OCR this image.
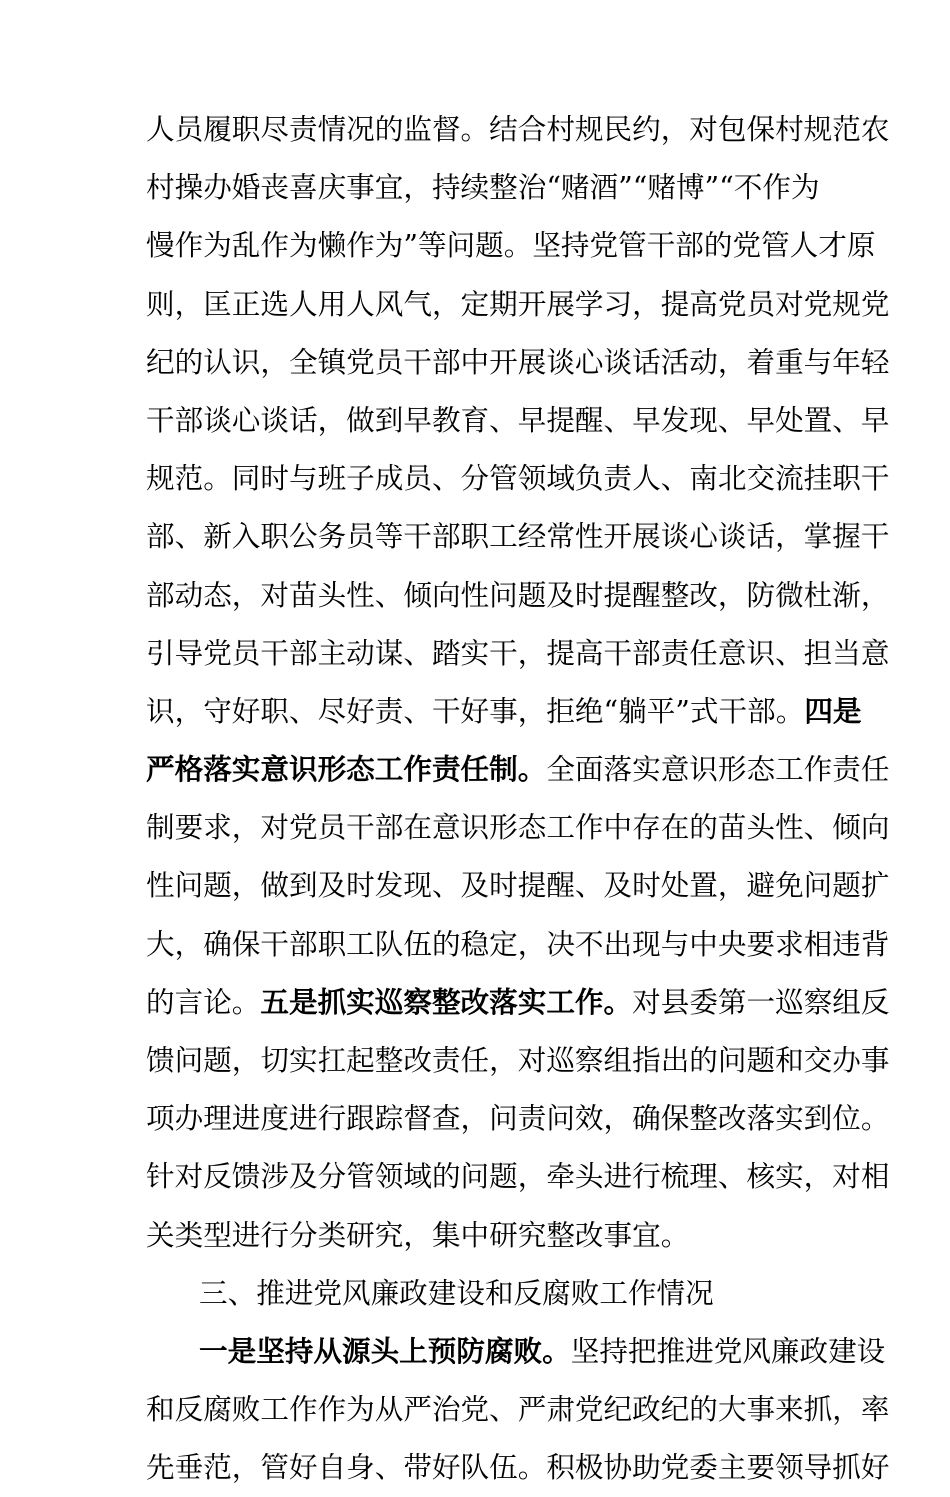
人员履职尽责情况的监督。结合村规民约，对包保村规范农
村操办婚丧喜庆事宜，持续整治“赌酒”“赌博”“不作为
慢作为乱作为懒作为”等问题。坚持党管干部的党管人才原
则，匡正选人用人风气，定期开展学习，提高党员对党规党
纪的认识，全镇党员干部中开展谈心谈话活动，着重与年轻
干部谈心谈话，做到早教育、早提醒、早发现、早处置、早
规范。同时与班子成员、分管领域负责人、南北交流挂职干
部、新入职公务员等干部职工经常性开展谈心谈话，掌握干
部动态，对苗头性、倾向性问题及时提醒整改，防微杜渐，
引导党员干部主动谋、踏实干，提高干部责任意识、担当意
识，守好职、尽好责、干好事，拒绝“躺平”式干部。四是
严格落实意识形态工作责任制。全面落实意识形态工作责任
制要求，对党员干部在意识形态工作中存在的苗头性、倾向
性问题，做到及时发现、及时提醒、及时处置，避免问题扩
大，确保干部职工队伍的稳定，决不出现与中央要求相违背
的言论。五是抓实巡察整改落实工作。对县委第一巡察组反
馈问题，切实扛起整改责任，对巡察组指出的问题和交办事
项办理进度进行跟踪督查，问责问效，确保整改落实到位。
针对反馈涉及分管领域的问题，牵头进行梳理、核实，对相
关类型进行分类研究，集中研究整改事宜。
三、推进党风廉政建设和反腐败工作情况
一是坚持从源头上预防腐败。坚持把推进党风廉政建设
和反腐败工作作为从严治党、严肃党纪政纪的大事来抓，率
先垂范，管好自身、带好队伍。积极协助党委主要领导抓好
